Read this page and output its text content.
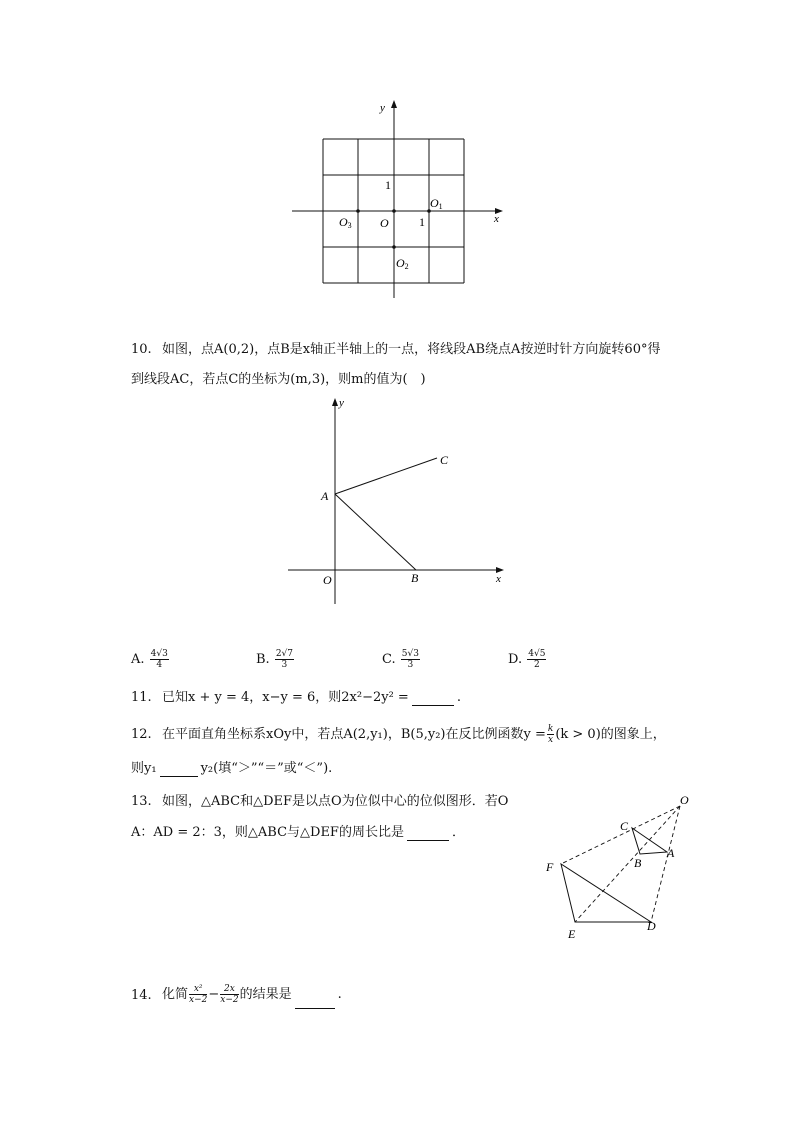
y
x
1
1
O
O1
O2
O3
10. 如图，点A(0,2)，点B是x轴正半轴上的一点，将线段AB绕点A按逆时针方向旋转60°得
到线段AC，若点C的坐标为(m,3)，则m的值为(　)
y
x
A
B
C
O
A. $\frac{4√3}{4}$	B. $\frac{2√7}{3}$	C. $\frac{5√3}{3}$	D. $\frac{4√5}{2}$
11. 已知x + y = 4，x−y = 6，则2x²−2y² =	.
12. 在平面直角坐标系xOy中，若点A(2,y₁)，B(5,y₂)在反比例函数$y = \frac{k}{x} (k > 0)$的图象上，
则y₁	y₂(填“＞”“＝”或“＜”).
13. 如图，△ABC和△DEF是以点O为位似中心的位似图形．若O
A：AD = 2：3，则△ABC与△DEF的周长比是	．
O
C
A
B
F
E
D
14. 化简 $\frac{\text{x²}}{x-2} - \frac{2x}{x-2}$ 的结果是	.
